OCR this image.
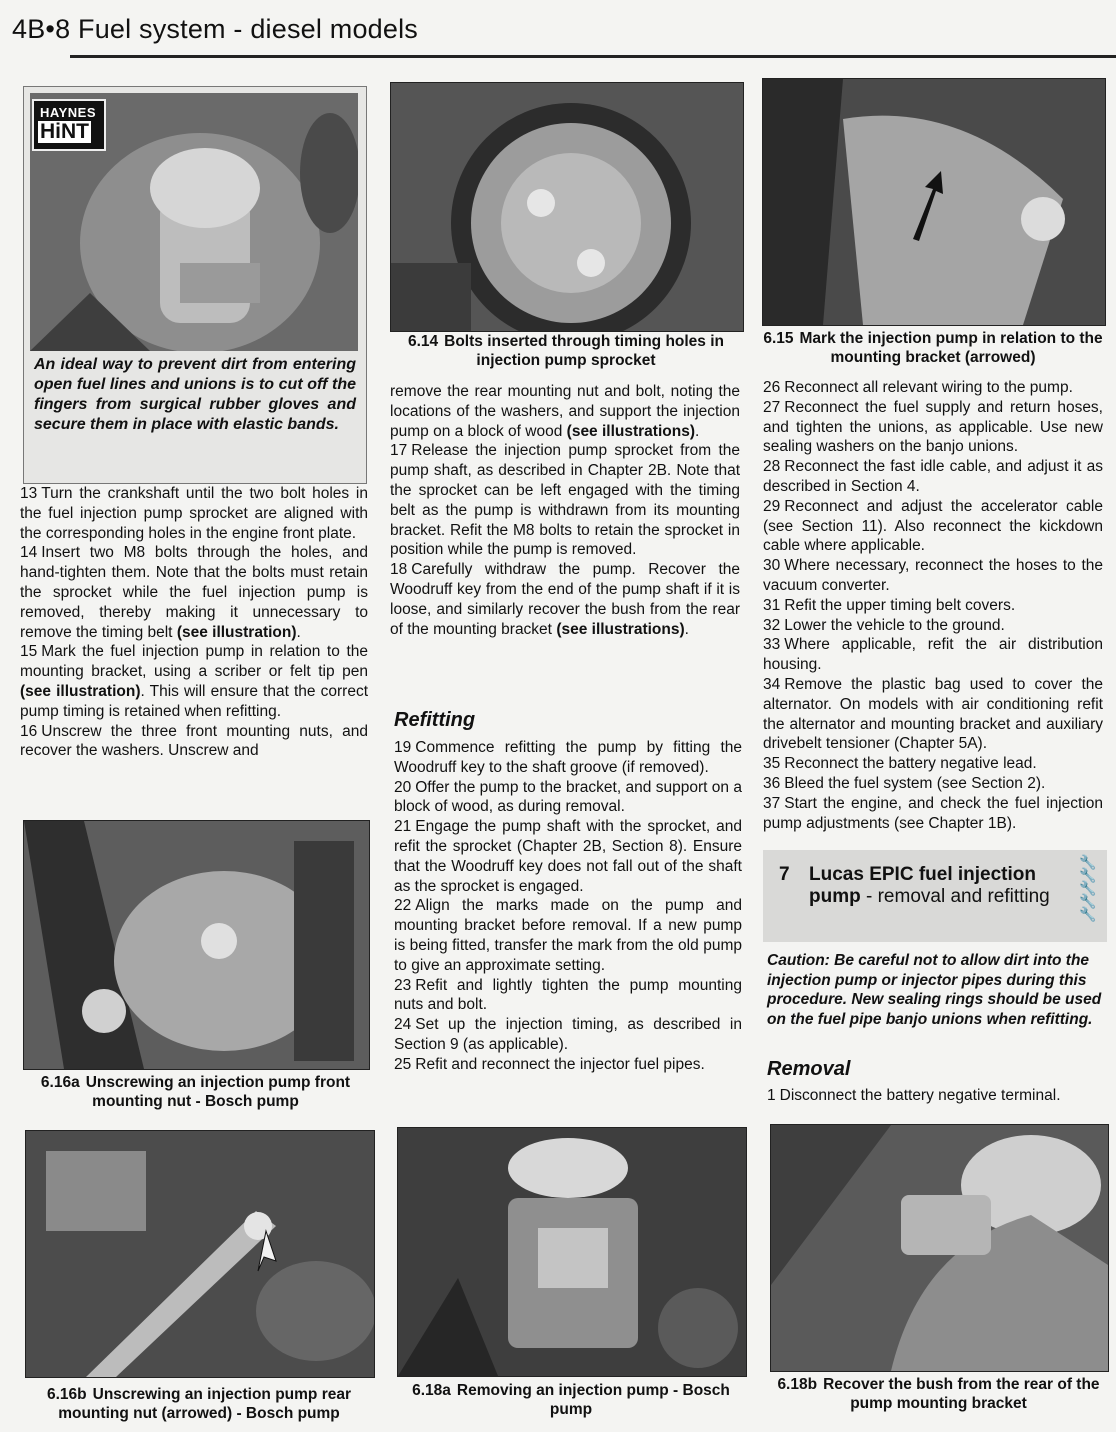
4B•8 Fuel system - diesel models
HAYNES
HiNT
An ideal way to prevent dirt from entering open fuel lines and unions is to cut off the fingers from surgical rubber gloves and secure them in place with elastic bands.

13 Turn the crankshaft until the two bolt holes in the fuel injection pump sprocket are aligned with the corresponding holes in the engine front plate.

14 Insert two M8 bolts through the holes, and hand-tighten them. Note that the bolts must retain the sprocket while the fuel injection pump is removed, thereby making it unnecessary to remove the timing belt (see illustration).

15 Mark the fuel injection pump in relation to the mounting bracket, using a scriber or felt tip pen (see illustration). This will ensure that the correct pump timing is retained when refitting.

16 Unscrew the three front mounting nuts, and recover the washers. Unscrew and

6.16a Unscrewing an injection pump front mounting nut - Bosch pump
6.16b Unscrewing an injection pump rear mounting nut (arrowed) - Bosch pump
6.14 Bolts inserted through timing holes in injection pump sprocket

remove the rear mounting nut and bolt, noting the locations of the washers, and support the injection pump on a block of wood (see illustrations).

17 Release the injection pump sprocket from the pump shaft, as described in Chapter 2B. Note that the sprocket can be left engaged with the timing belt as the pump is withdrawn from its mounting bracket. Refit the M8 bolts to retain the sprocket in position while the pump is removed.

18 Carefully withdraw the pump. Recover the Woodruff key from the end of the pump shaft if it is loose, and similarly recover the bush from the rear of the mounting bracket (see illustrations).

Refitting

19 Commence refitting the pump by fitting the Woodruff key to the shaft groove (if removed).

20 Offer the pump to the bracket, and support on a block of wood, as during removal.

21 Engage the pump shaft with the sprocket, and refit the sprocket (Chapter 2B, Section 8). Ensure that the Woodruff key does not fall out of the shaft as the sprocket is engaged.

22 Align the marks made on the pump and mounting bracket before removal. If a new pump is being fitted, transfer the mark from the old pump to give an approximate setting.

23 Refit and lightly tighten the pump mounting nuts and bolt.

24 Set up the injection timing, as described in Section 9 (as applicable).

25 Refit and reconnect the injector fuel pipes.

6.18a Removing an injection pump - Bosch pump
6.15 Mark the injection pump in relation to the mounting bracket (arrowed)

26 Reconnect all relevant wiring to the pump.

27 Reconnect the fuel supply and return hoses, and tighten the unions, as applicable. Use new sealing washers on the banjo unions.

28 Reconnect the fast idle cable, and adjust it as described in Section 4.

29 Reconnect and adjust the accelerator cable (see Section 11). Also reconnect the kickdown cable where applicable.

30 Where necessary, reconnect the hoses to the vacuum converter.

31 Refit the upper timing belt covers.

32 Lower the vehicle to the ground.

33 Where applicable, refit the air distribution housing.

34 Remove the plastic bag used to cover the alternator. On models with air conditioning refit the alternator and mounting bracket and auxiliary drivebelt tensioner (Chapter 5A).

35 Reconnect the battery negative lead.

36 Bleed the fuel system (see Section 2).

37 Start the engine, and check the fuel injection pump adjustments (see Chapter 1B).

7 Lucas EPIC fuel injection
pump - removal and refitting
🔧
🔧
🔧
🔧
🔧
Caution: Be careful not to allow dirt into the injection pump or injector pipes during this procedure. New sealing rings should be used on the fuel pipe banjo unions when refitting.
Removal

1 Disconnect the battery negative terminal.

6.18b Recover the bush from the rear of the pump mounting bracket
